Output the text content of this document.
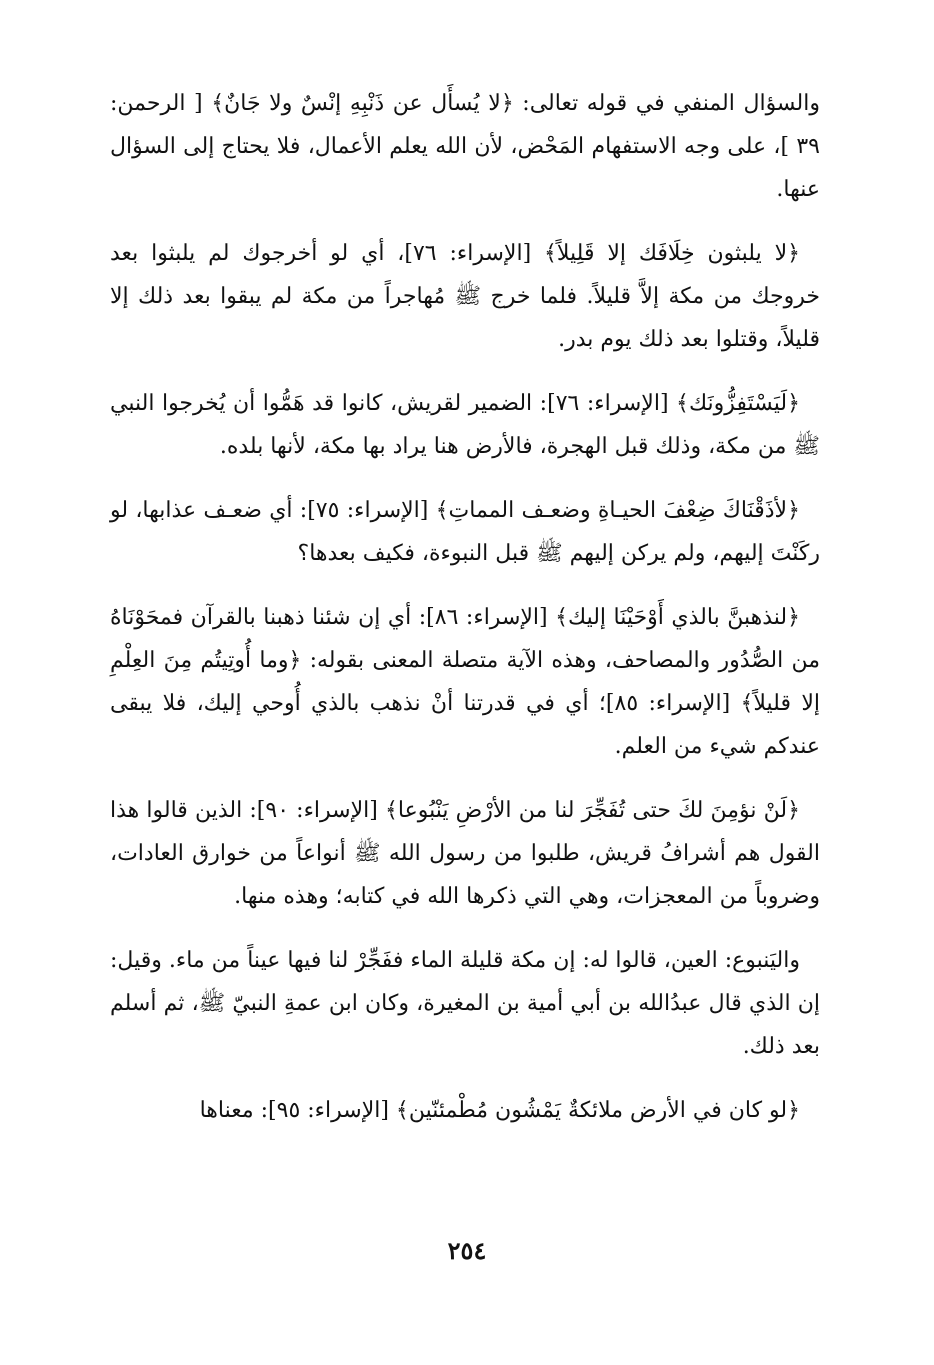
والسؤال المنفي في قوله تعالى: ﴿لا يُسأَل عن ذَنْبِهِ إنْسٌ ولا جَانٌ﴾ [ الرحمن: ٣٩ ]، على وجه الاستفهام المَحْض، لأن الله يعلم الأعمال، فلا يحتاج إلى السؤال عنها.

﴿لا يلبثون خِلَافَك إلا قَلِيلاً﴾ [الإسراء: ٧٦]، أي لو أخرجوك لم يلبثوا بعد خروجك من مكة إلاَّ قليلاً. فلما خرج ﷺ مُهاجراً من مكة لم يبقوا بعد ذلك إلا قليلاً، وقتلوا بعد ذلك يوم بدر.

﴿لَيَسْتَفِزُّونَك﴾ [الإسراء: ٧٦]: الضمير لقريش، كانوا قد هَمُّوا أن يُخرجوا النبي ﷺ من مكة، وذلك قبل الهجرة، فالأرض هنا يراد بها مكة، لأنها بلده.

﴿لأذَقْنَاكَ ضِعْفَ الحيـاةِ وضعـف المماتِ﴾ [الإسراء: ٧٥]: أي ضعـف عذابها، لو ركَنْتَ إليهم، ولم يركن إليهم ﷺ قبل النبوءة، فكيف بعدها؟

﴿لنذهبنَّ بالذي أَوْحَيْنَا إليك﴾ [الإسراء: ٨٦]: أي إن شئنا ذهبنا بالقرآن فمحَوْنَاهُ من الصُّدُور والمصاحف، وهذه الآية متصلة المعنى بقوله: ﴿وما أُوتِيتُم مِنَ العِلْمِ إلا قليلاً﴾ [الإسراء: ٨٥]؛ أي في قدرتنا أنْ نذهب بالذي أُوحي إليك، فلا يبقى عندكم شيء من العلم.

﴿لَنْ نؤمِنَ لكَ حتى تُفَجِّرَ لنا من الأرْضِ يَنْبُوعا﴾ [الإسراء: ٩٠]: الذين قالوا هذا القول هم أشرافُ قريش، طلبوا من رسول الله ﷺ أنواعاً من خوارق العادات، وضروباً من المعجزات، وهي التي ذكرها الله في كتابه؛ وهذه منها.

واليَنبوع: العين، قالوا له: إن مكة قليلة الماء ففَجِّرْ لنا فيها عيناً من ماء. وقيل: إن الذي قال عبدُالله بن أبي أمية بن المغيرة، وكان ابن عمةِ النبيّ ﷺ، ثم أسلم بعد ذلك.

﴿لو كان في الأرض ملائكةٌ يَمْشُون مُطْمئنّين﴾ [الإسراء: ٩٥]: معناها

٢٥٤
